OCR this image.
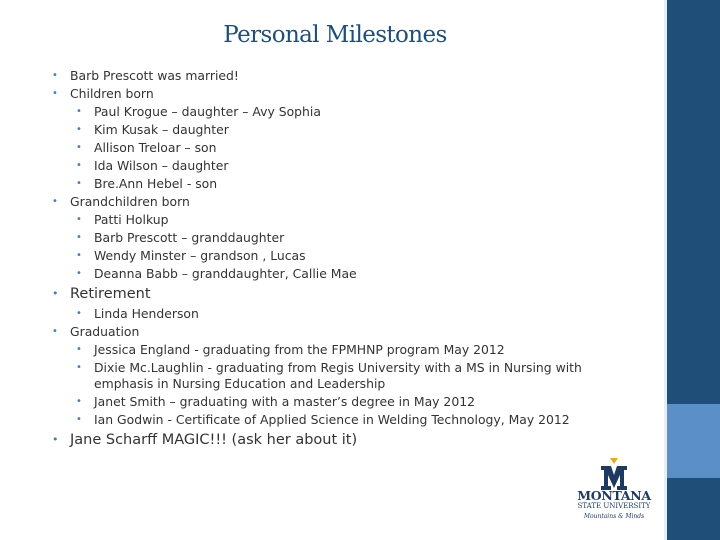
Personal Milestones
• Barb Prescott was married!
• Children born
• Paul Krogue – daughter – Avy Sophia
• Kim Kusak – daughter
• Allison Treloar – son
• Ida Wilson – daughter
• Bre.Ann Hebel - son
• Grandchildren born
• Patti Holkup
• Barb Prescott – granddaughter
• Wendy Minster – grandson , Lucas
• Deanna Babb – granddaughter, Callie Mae
• Retirement
• Linda Henderson
• Graduation
• Jessica England - graduating from the FPMHNP program May 2012
• Dixie Mc.Laughlin - graduating from Regis University with a MS in Nursing with emphasis in Nursing Education and Leadership
• Janet Smith – graduating with a master’s degree in May 2012
• Ian Godwin - Certificate of Applied Science in Welding Technology, May 2012
• Jane Scharff MAGIC!!! (ask her about it)
MONTANA
STATE UNIVERSITY
Mountains & Minds
